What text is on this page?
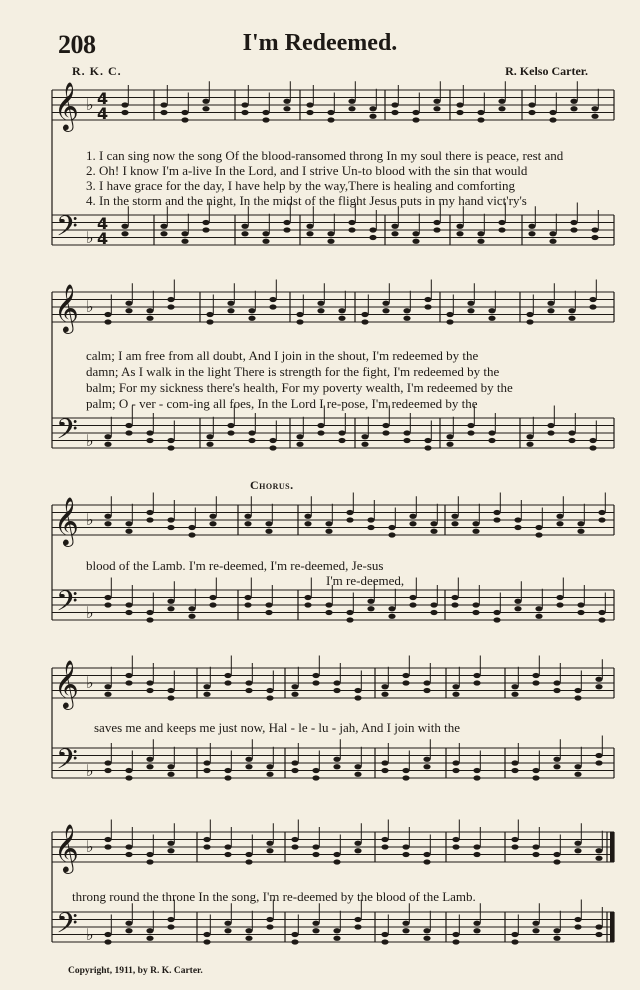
208	I'm Redeemed.
R. K. C.	R. Kelso Carter.
𝄞 ♭
𝄢 ♭
4
4
4
4
𝄞 ♭
𝄢 ♭
𝄞 ♭
𝄢 ♭
𝄞 ♭
𝄢 ♭
𝄞 ♭
𝄢 ♭
1. I can sing now the song Of the blood-ransomed throng In my soul there is peace, rest and
2. Oh! I know I'm a-live In the Lord, and I strive Un-to blood with the sin that would
3. I have grace for the day, I have help by the way,There is healing and comforting
4. In the storm and the night, In the midst of the flight Jesus puts in my hand vict'ry's
calm; I am free from all doubt, And I join in the shout, I'm redeemed by the
damn; As I walk in the light There is strength for the fight, I'm redeemed by the
balm; For my sickness there's health, For my poverty wealth, I'm redeemed by the
palm; O - ver - com-ing all foes, In the Lord I re-pose, I'm redeemed by the
Chorus.
blood of the Lamb. I'm re-deemed, I'm re-deemed, Je-sus
I'm re-deemed,
saves me and keeps me just now, Hal - le - lu - jah, And I join with the
throng round the throne In the song, I'm re-deemed by the blood of the Lamb.
Copyright, 1911, by R. K. Carter.
